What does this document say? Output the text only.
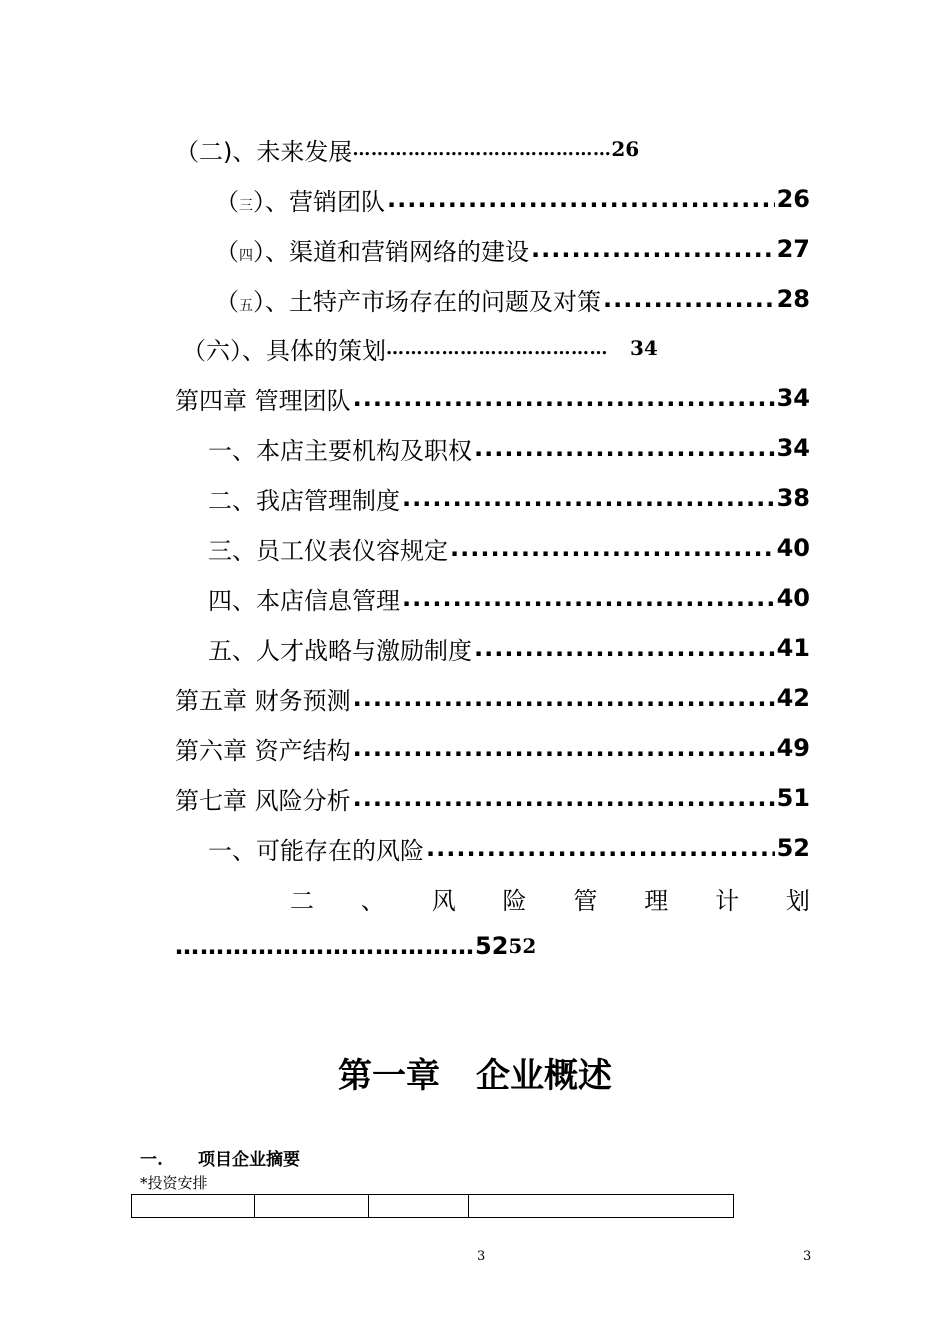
（二)、未来发展 …………………………………… 26
（三）、营销团队 .....	26
（四）、渠道和营销网络的建设 .....	27
（五）、土特产市场存在的问题及对策 .....	28
（六）、具体的策划 ……………………………… 34
第四章 管理团队 .....	34
一、本店主要机构及职权 .....	34
二、我店管理制度 .....	38
三、员工仪表仪容规定 .....	40
四、本店信息管理 .....	40
五、人才战略与激励制度 .....	41
第五章 财务预测 .....	42
第六章 资产结构 .....	49
第七章 风险分析 .....	51
一、可能存在的风险 .....	52
二 、 风 险 管 理 计 划
……………………………… 52 52
第一章 企业概述
一.	项目企业摘要
*投资安排

3	3
